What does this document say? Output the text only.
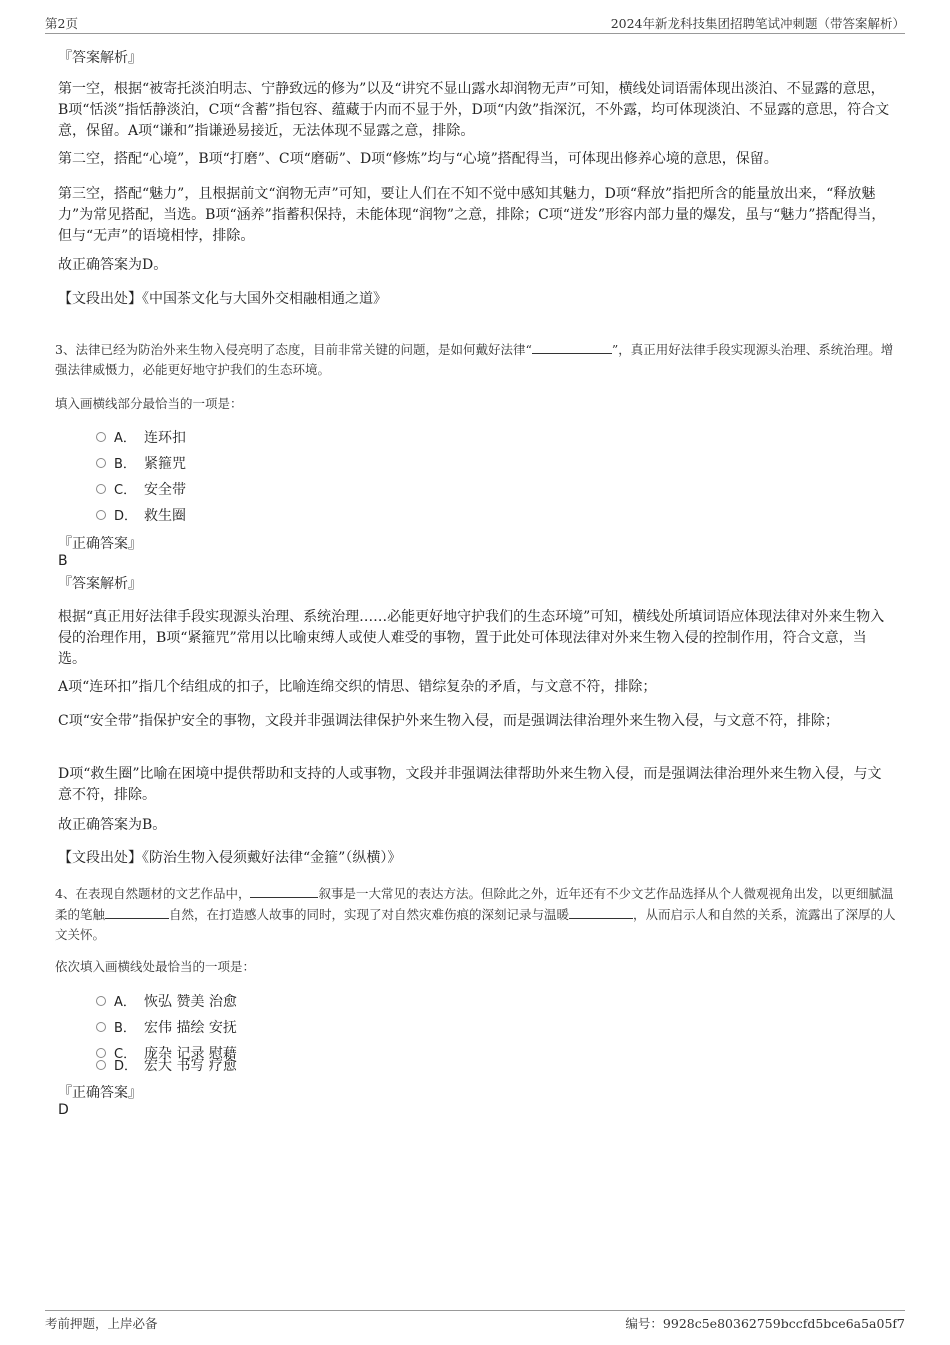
第2页	2024年新龙科技集团招聘笔试冲刺题（带答案解析）
『答案解析』
第一空，根据“被寄托淡泊明志、宁静致远的修为”以及“讲究不显山露水却润物无声”可知，横线处词语需体现出淡泊、不显露的意思，B项“恬淡”指恬静淡泊，C项“含蓄”指包容、蕴藏于内而不显于外，D项“内敛”指深沉，不外露，均可体现淡泊、不显露的意思，符合文意，保留。A项“谦和”指谦逊易接近，无法体现不显露之意，排除。
第二空，搭配“心境”，B项“打磨”、C项“磨砺”、D项“修炼”均与“心境”搭配得当，可体现出修养心境的意思，保留。
第三空，搭配“魅力”，且根据前文“润物无声”可知，要让人们在不知不觉中感知其魅力，D项“释放”指把所含的能量放出来，“释放魅力”为常见搭配，当选。B项“涵养”指蓄积保持，未能体现“润物”之意，排除；C项“迸发”形容内部力量的爆发，虽与“魅力”搭配得当，但与“无声”的语境相悖，排除。
故正确答案为D。
【文段出处】《中国茶文化与大国外交相融相通之道》
3、法律已经为防治外来生物入侵亮明了态度，目前非常关键的问题，是如何戴好法律“	”，真正用好法律手段实现源头治理、系统治理。增强法律威慑力，必能更好地守护我们的生态环境。
填入画横线部分最恰当的一项是：
A． 连环扣
B． 紧箍咒
C． 安全带
D． 救生圈
『正确答案』
B
『答案解析』
根据“真正用好法律手段实现源头治理、系统治理……必能更好地守护我们的生态环境”可知，横线处所填词语应体现法律对外来生物入侵的治理作用，B项“紧箍咒”常用以比喻束缚人或使人难受的事物，置于此处可体现法律对外来生物入侵的控制作用，符合文意，当选。
A项“连环扣”指几个结组成的扣子，比喻连绵交织的情思、错综复杂的矛盾，与文意不符，排除；
C项“安全带”指保护安全的事物，文段并非强调法律保护外来生物入侵，而是强调法律治理外来生物入侵，与文意不符，排除；
D项“救生圈”比喻在困境中提供帮助和支持的人或事物，文段并非强调法律帮助外来生物入侵，而是强调法律治理外来生物入侵，与文意不符，排除。
故正确答案为B。
【文段出处】《防治生物入侵须戴好法律“金箍”（纵横）》
4、在表现自然题材的文艺作品中，	叙事是一大常见的表达方法。但除此之外，近年还有不少文艺作品选择从个人微观视角出发，以更细腻温柔的笔触	自然，在打造感人故事的同时，实现了对自然灾难伤痕的深刻记录与温暖	，从而启示人和自然的关系，流露出了深厚的人文关怀。
依次填入画横线处最恰当的一项是：
A． 恢弘 赞美 治愈
B． 宏伟 描绘 安抚
C． 庞杂 记录 慰藉
D． 宏大 书写 疗愈
『正确答案』
D
考前押题，上岸必备	编号：9928c5e80362759bccfd5bce6a5a05f7
